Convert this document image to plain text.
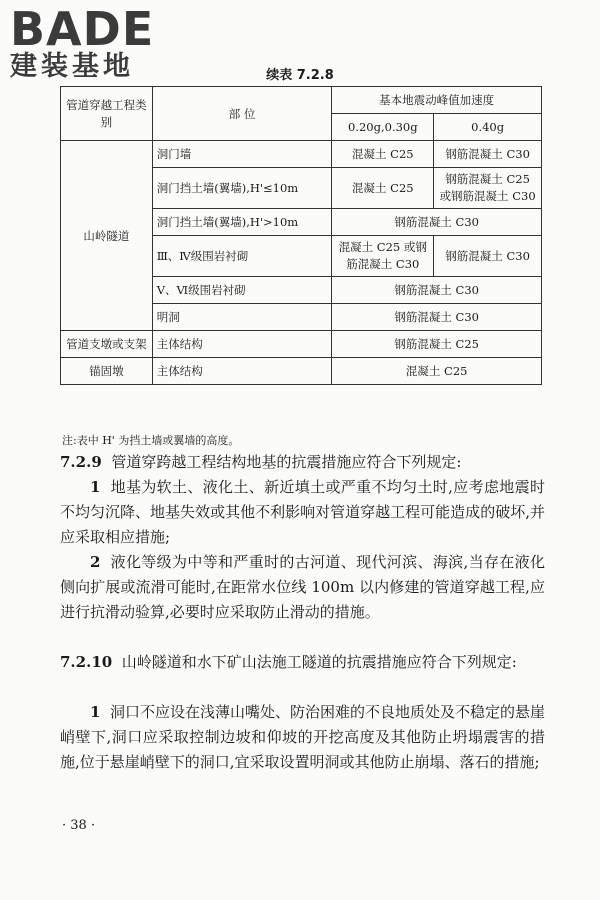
BADE
建装基地	续表 7.2.8
管道穿越工程类别	部 位	基本地震动峰值加速度	
		0.20g,0.30g	0.40g
山岭隧道	洞门墙	混凝土 C25	钢筋混凝土 C30
	洞门挡土墙(翼墙),H'≤10m	混凝土 C25	钢筋混凝土 C25 或钢筋混凝土 C30
	洞门挡土墙(翼墙),H'>10m	钢筋混凝土 C30	
	Ⅲ、Ⅳ级围岩衬砌	混凝土 C25 或钢筋混凝土 C30	钢筋混凝土 C30
	Ⅴ、Ⅵ级围岩衬砌	钢筋混凝土 C30	
	明洞	钢筋混凝土 C30	
管道支墩或支架	主体结构	钢筋混凝土 C25	
锚固墩	主体结构	混凝土 C25	
注:表中 H' 为挡土墙或翼墙的高度。
7.2.9 管道穿跨越工程结构地基的抗震措施应符合下列规定:
1 地基为软土、液化土、新近填土或严重不均匀土时,应考虑地震时不均匀沉降、地基失效或其他不利影响对管道穿越工程可能造成的破坏,并应采取相应措施;
2 液化等级为中等和严重时的古河道、现代河滨、海滨,当存在液化侧向扩展或流滑可能时,在距常水位线 100m 以内修建的管道穿越工程,应进行抗滑动验算,必要时应采取防止滑动的措施。
7.2.10 山岭隧道和水下矿山法施工隧道的抗震措施应符合下列规定:
1 洞口不应设在浅薄山嘴处、防治困难的不良地质处及不稳定的悬崖峭壁下,洞口应采取控制边坡和仰坡的开挖高度及其他防止坍塌震害的措施,位于悬崖峭壁下的洞口,宜采取设置明洞或其他防止崩塌、落石的措施;
· 38 ·
